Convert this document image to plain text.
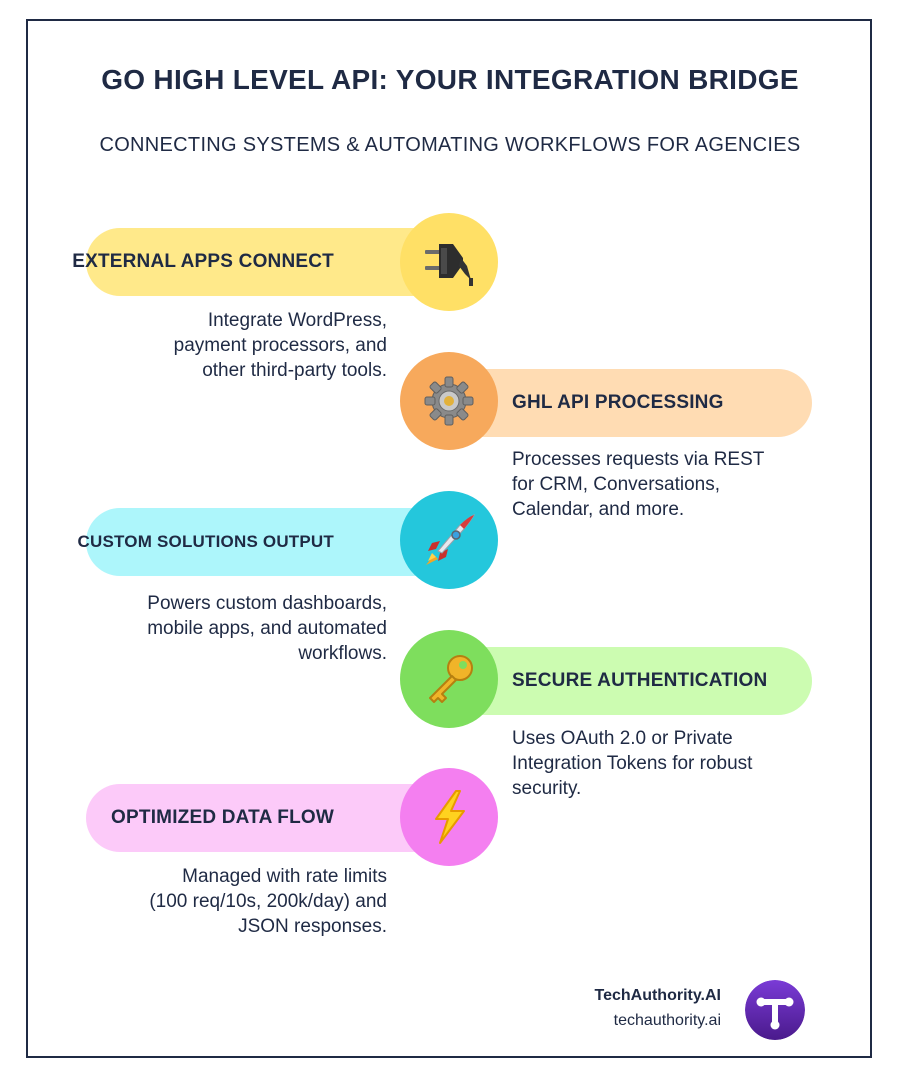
GO HIGH LEVEL API: YOUR INTEGRATION BRIDGE
CONNECTING SYSTEMS & AUTOMATING WORKFLOWS FOR AGENCIES
EXTERNAL APPS CONNECT
Integrate WordPress,
payment processors, and
other third-party tools.
GHL API PROCESSING
Processes requests via REST
for CRM, Conversations,
Calendar, and more.
CUSTOM SOLUTIONS OUTPUT
Powers custom dashboards,
mobile apps, and automated
workflows.
SECURE AUTHENTICATION
Uses OAuth 2.0 or Private
Integration Tokens for robust
security.
OPTIMIZED DATA FLOW
Managed with rate limits
(100 req/10s, 200k/day) and
JSON responses.
TechAuthority.AI
techauthority.ai
